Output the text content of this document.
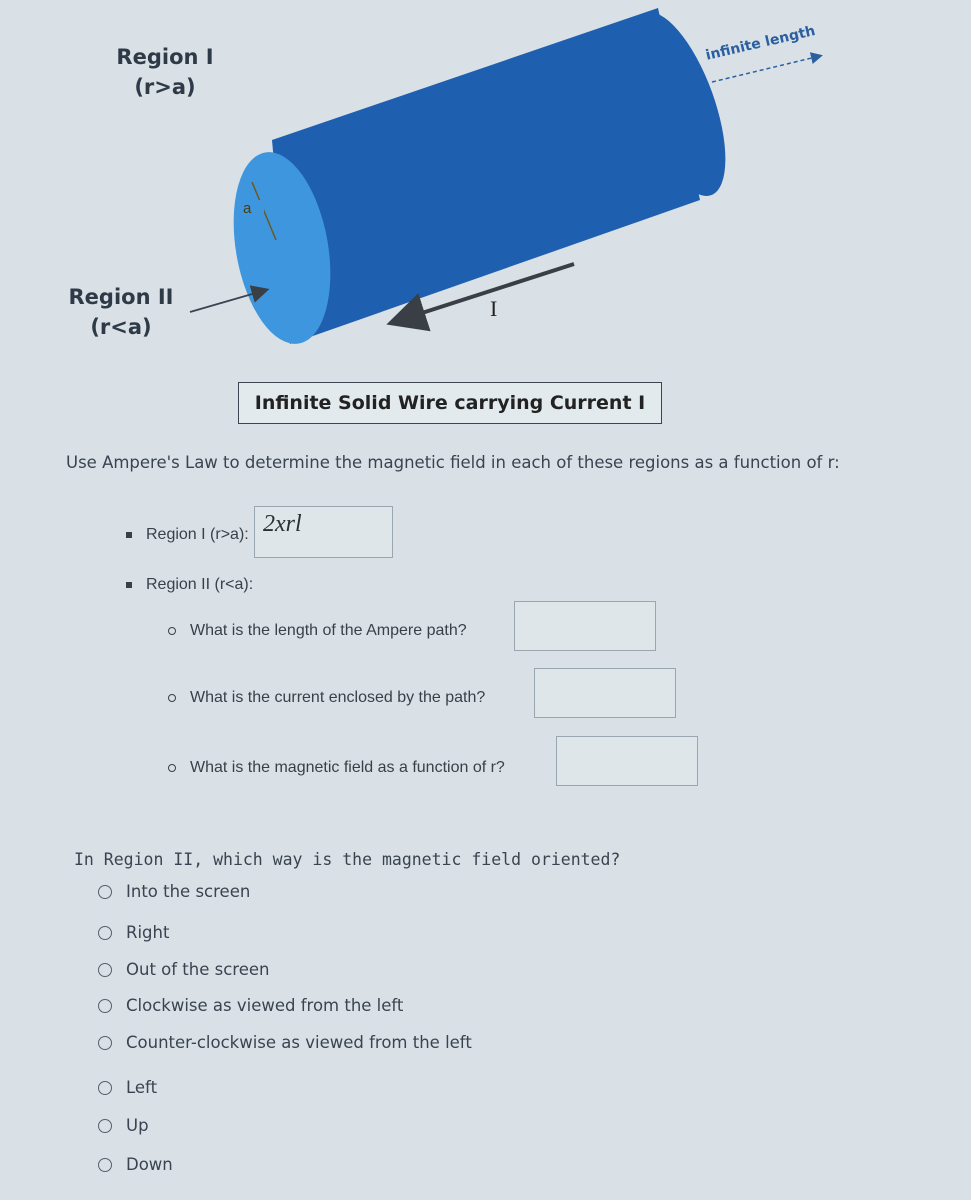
Region I
(r>a)
Region II
(r<a)
a
I
infinite length
Infinite Solid Wire carrying Current I
Use Ampere's Law to determine the magnetic field in each of these regions as a function of r:
Region I (r>a): 2xrl
Region II (r<a):
What is the length of the Ampere path?
What is the current enclosed by the path?
What is the magnetic field as a function of r?
In Region II, which way is the magnetic field oriented?
Into the screen
Right
Out of the screen
Clockwise as viewed from the left
Counter-clockwise as viewed from the left
Left
Up
Down
